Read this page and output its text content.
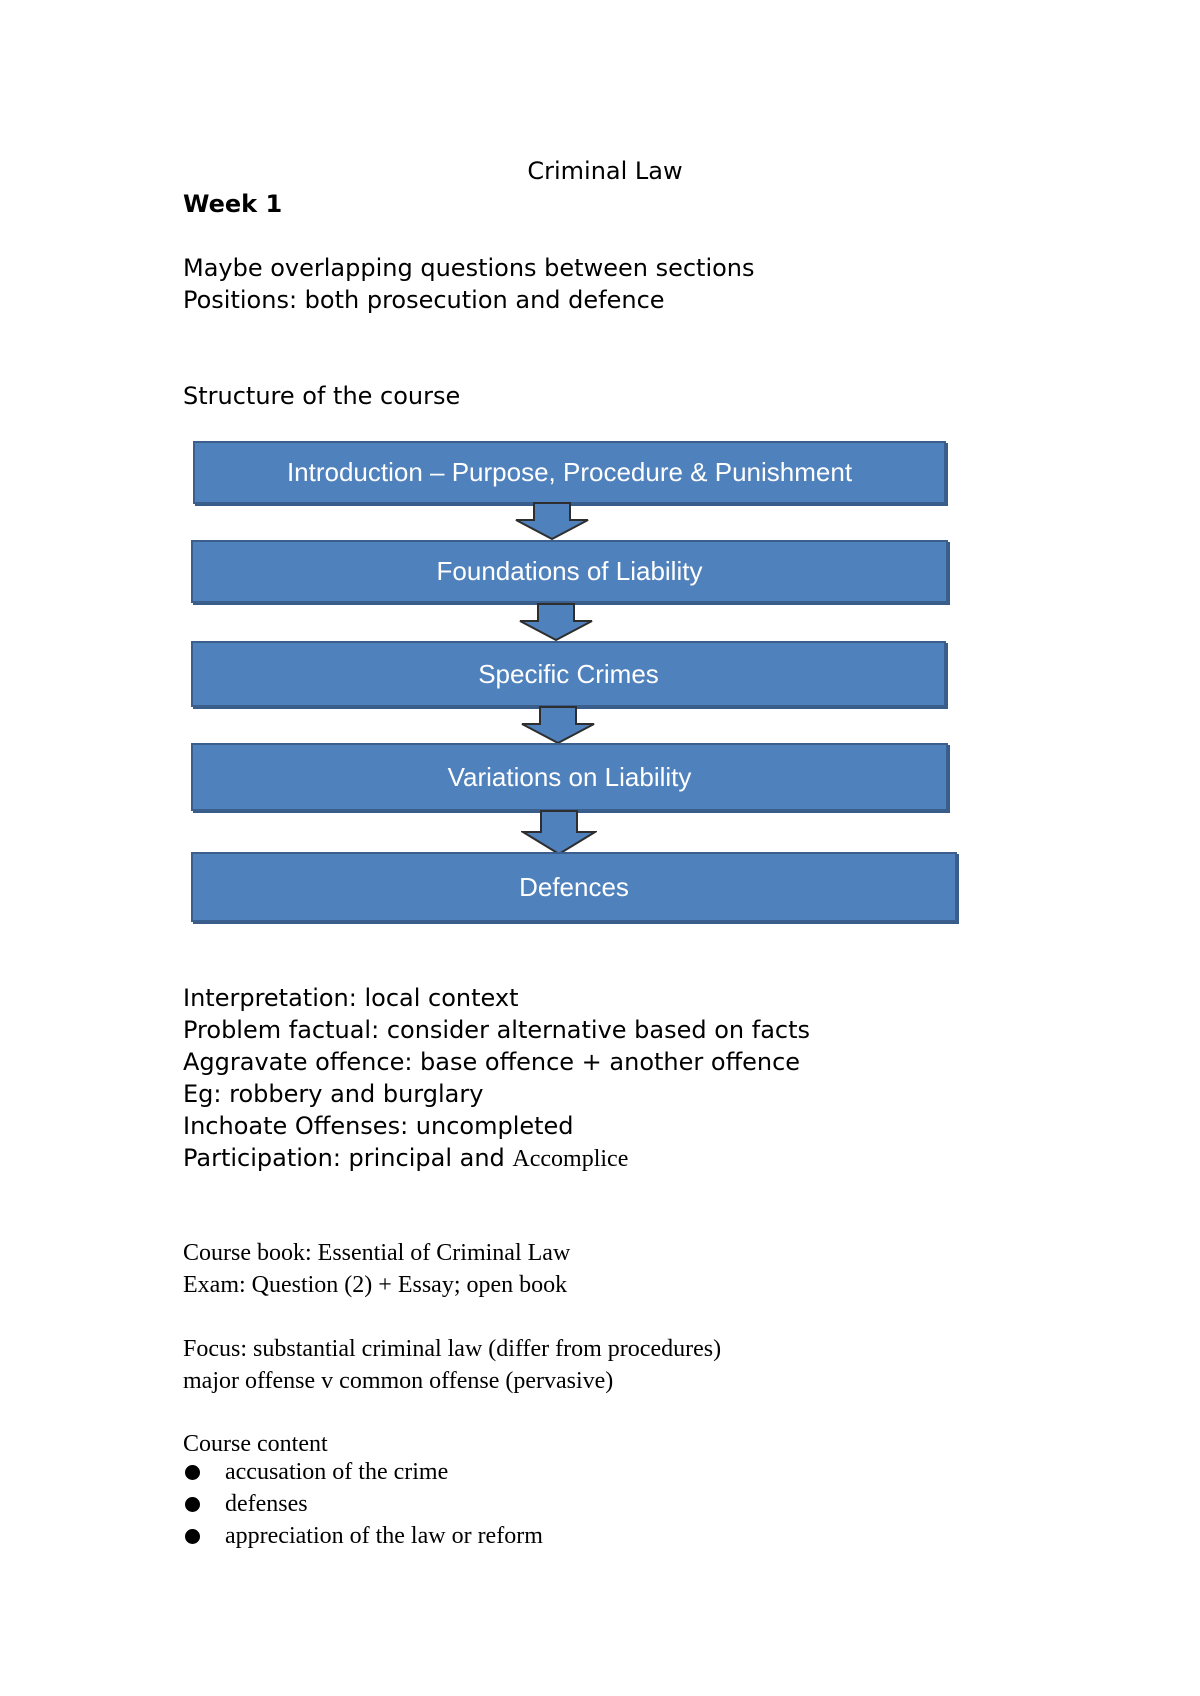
Criminal Law
Week 1
Maybe overlapping questions between sections
Positions: both prosecution and defence
Structure of the course
Introduction – Purpose, Procedure & Punishment
Foundations of Liability
Specific Crimes
Variations on Liability
Defences
Interpretation: local context
Problem factual: consider alternative based on facts
Aggravate offence: base offence + another offence
Eg: robbery and burglary
Inchoate Offenses: uncompleted
Participation: principal and Accomplice
Course book: Essential of Criminal Law
Exam: Question (2) + Essay; open book
Focus: substantial criminal law (differ from procedures)
major offense v common offense (pervasive)
Course content
accusation of the crime
defenses
appreciation of the law or reform
